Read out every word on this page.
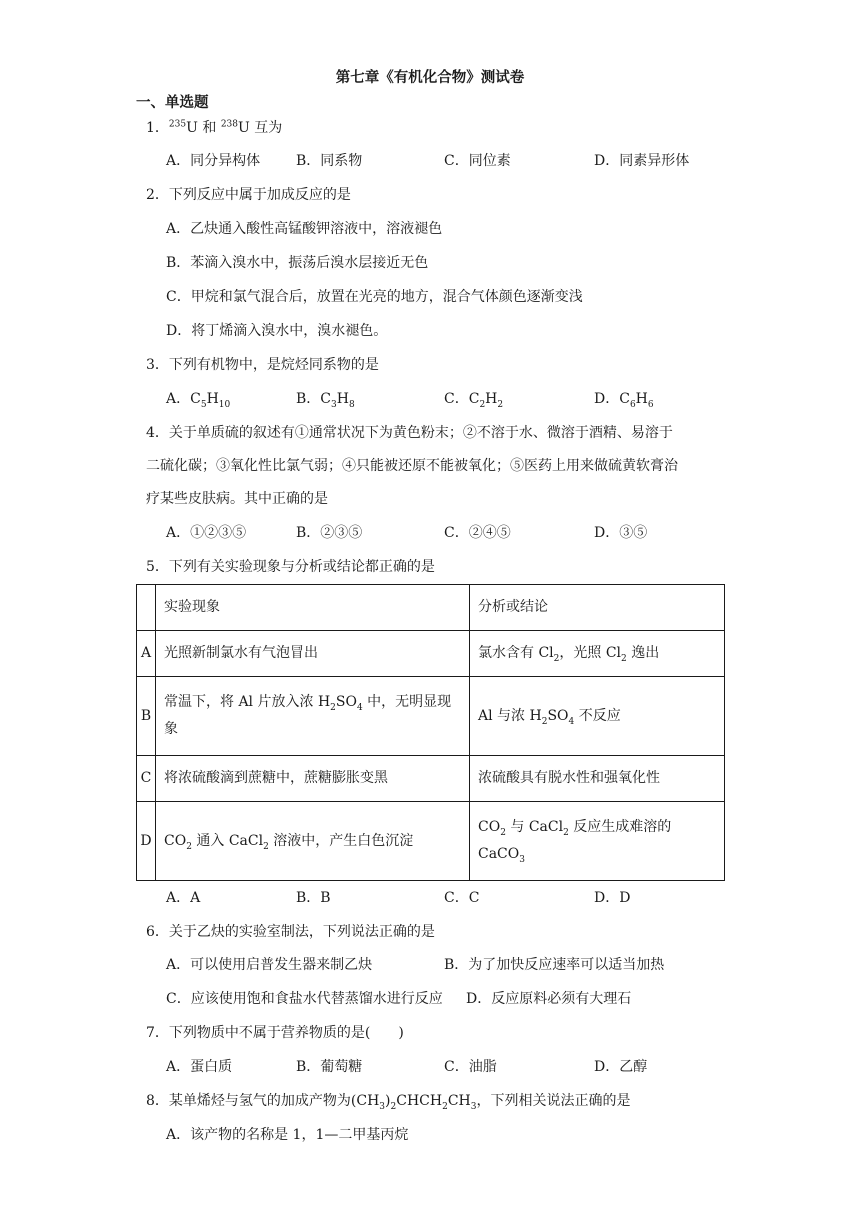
第七章《有机化合物》测试卷
一、单选题
1．$^{235}$U 和 $^{238}$U 互为
A．同分异构体	B．同系物	C．同位素	D．同素异形体
2．下列反应中属于加成反应的是
A．乙炔通入酸性高锰酸钾溶液中，溶液褪色
B．苯滴入溴水中，振荡后溴水层接近无色
C．甲烷和氯气混合后，放置在光亮的地方，混合气体颜色逐渐变浅
D．将丁烯滴入溴水中，溴水褪色。
3．下列有机物中，是烷烃同系物的是
A．$C_5H_{10}$	B．$C_3H_8$	C．$C_2H_2$	D．$C_6H_6$
4．关于单质硫的叙述有①通常状况下为黄色粉末；②不溶于水、微溶于酒精、易溶于
二硫化碳；③氧化性比氯气弱；④只能被还原不能被氧化；⑤医药上用来做硫黄软膏治
疗某些皮肤病。其中正确的是
A．①②③⑤	B．②③⑤	C．②④⑤	D．③⑤
5．下列有关实验现象与分析或结论都正确的是
	实验现象	分析或结论
A	光照新制氯水有气泡冒出	氯水含有 $Cl_2$，光照 $Cl_2$ 逸出
B	常温下，将 Al 片放入浓 $H_2SO_4$ 中，无明显现
象	Al 与浓 $H_2SO_4$ 不反应
C	将浓硫酸滴到蔗糖中，蔗糖膨胀变黑	浓硫酸具有脱水性和强氧化性
D	$CO_2$ 通入 CaCl$_2$ 溶液中，产生白色沉淀	$CO_2$ 与 CaCl$_2$ 反应生成难溶的
CaCO$_3$
A．A	B．B	C．C	D．D
6．关于乙炔的实验室制法，下列说法正确的是
A．可以使用启普发生器来制乙炔	B．为了加快反应速率可以适当加热
C．应该使用饱和食盐水代替蒸馏水进行反应 D．反应原料必须有大理石
7．下列物质中不属于营养物质的是(　　)
A．蛋白质	B．葡萄糖	C．油脂	D．乙醇
8．某单烯烃与氢气的加成产物为$(CH_3)_2CHCH_2CH_3$，下列相关说法正确的是
A．该产物的名称是 1，1—二甲基丙烷
